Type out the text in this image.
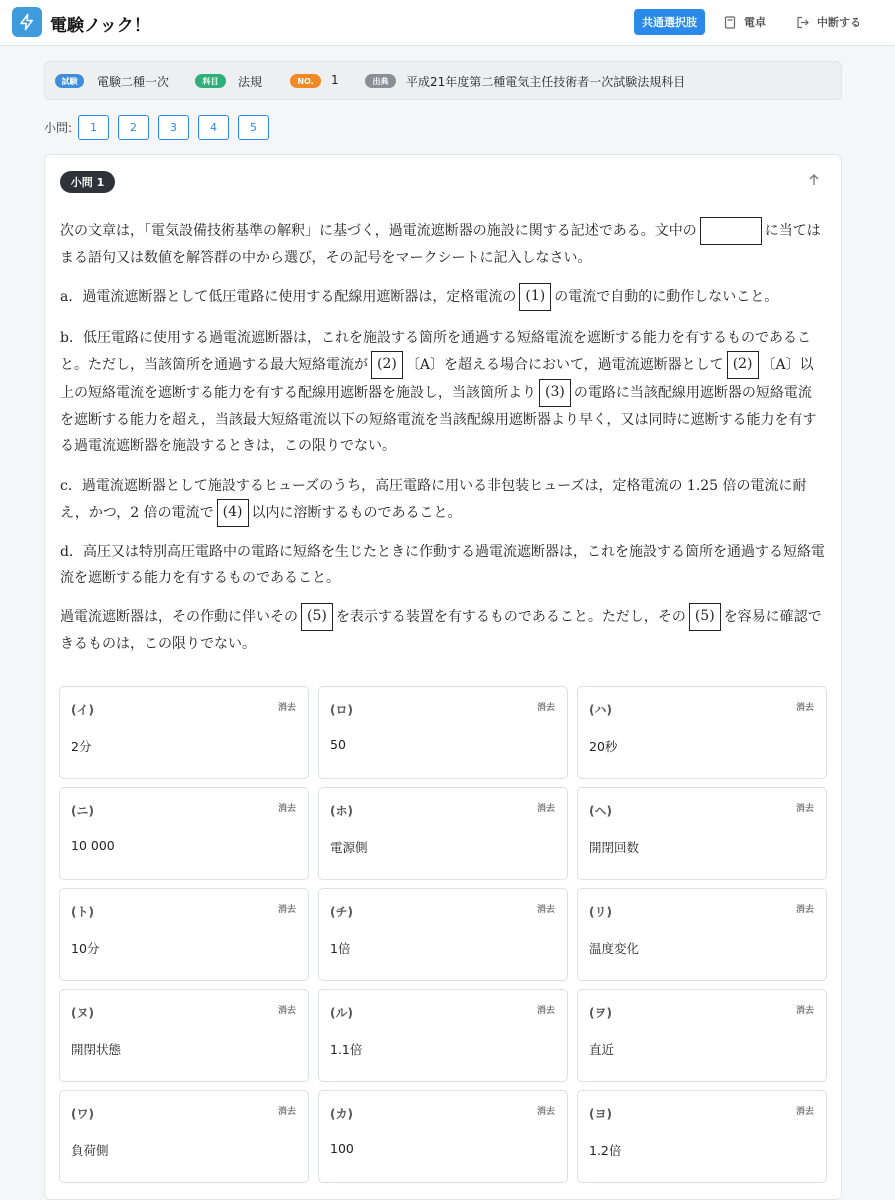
電験ノック！	共通選択肢	電卓	中断する
試験	電験二種一次	科目	法規	NO.	1	出典	平成21年度第二種電気主任技術者一次試験法規科目
小問:	1	2	3	4	5
小問 1

次の文章は，「電気設備技術基準の解釈」に基づく，過電流遮断器の施設に関する記述である。文中の	に当てはまる語句又は数値を解答群の中から選び，その記号をマークシートに記入しなさい。

a．過電流遮断器として低圧電路に使用する配線用遮断器は，定格電流の (1) の電流で自動的に動作しないこと。

b．低圧電路に使用する過電流遮断器は，これを施設する箇所を通過する短絡電流を遮断する能力を有するものであること。ただし，当該箇所を通過する最大短絡電流が (2) 〔A〕を超える場合において，過電流遮断器として (2) 〔A〕以上の短絡電流を遮断する能力を有する配線用遮断器を施設し，当該箇所より (3) の電路に当該配線用遮断器の短絡電流を遮断する能力を超え，当該最大短絡電流以下の短絡電流を当該配線用遮断器より早く，又は同時に遮断する能力を有する過電流遮断器を施設するときは，この限りでない。

c．過電流遮断器として施設するヒューズのうち，高圧電路に用いる非包装ヒューズは，定格電流の 1.25 倍の電流に耐え，かつ，2 倍の電流で (4) 以内に溶断するものであること。

d．高圧又は特別高圧電路中の電路に短絡を生じたときに作動する過電流遮断器は，これを施設する箇所を通過する短絡電流を遮断する能力を有するものであること。

過電流遮断器は，その作動に伴いその (5) を表示する装置を有するものであること。ただし，その (5) を容易に確認できるものは，この限りでない。

(イ)	消去
2分
(ロ)	消去
50
(ハ)	消去
20秒
(ニ)	消去
10 000
(ホ)	消去
電源側
(ヘ)	消去
開閉回数
(ト)	消去
10分
(チ)	消去
1倍
(リ)	消去
温度変化
(ヌ)	消去
開閉状態
(ル)	消去
1.1倍
(ヲ)	消去
直近
(ワ)	消去
負荷側
(カ)	消去
100
(ヨ)	消去
1.2倍
